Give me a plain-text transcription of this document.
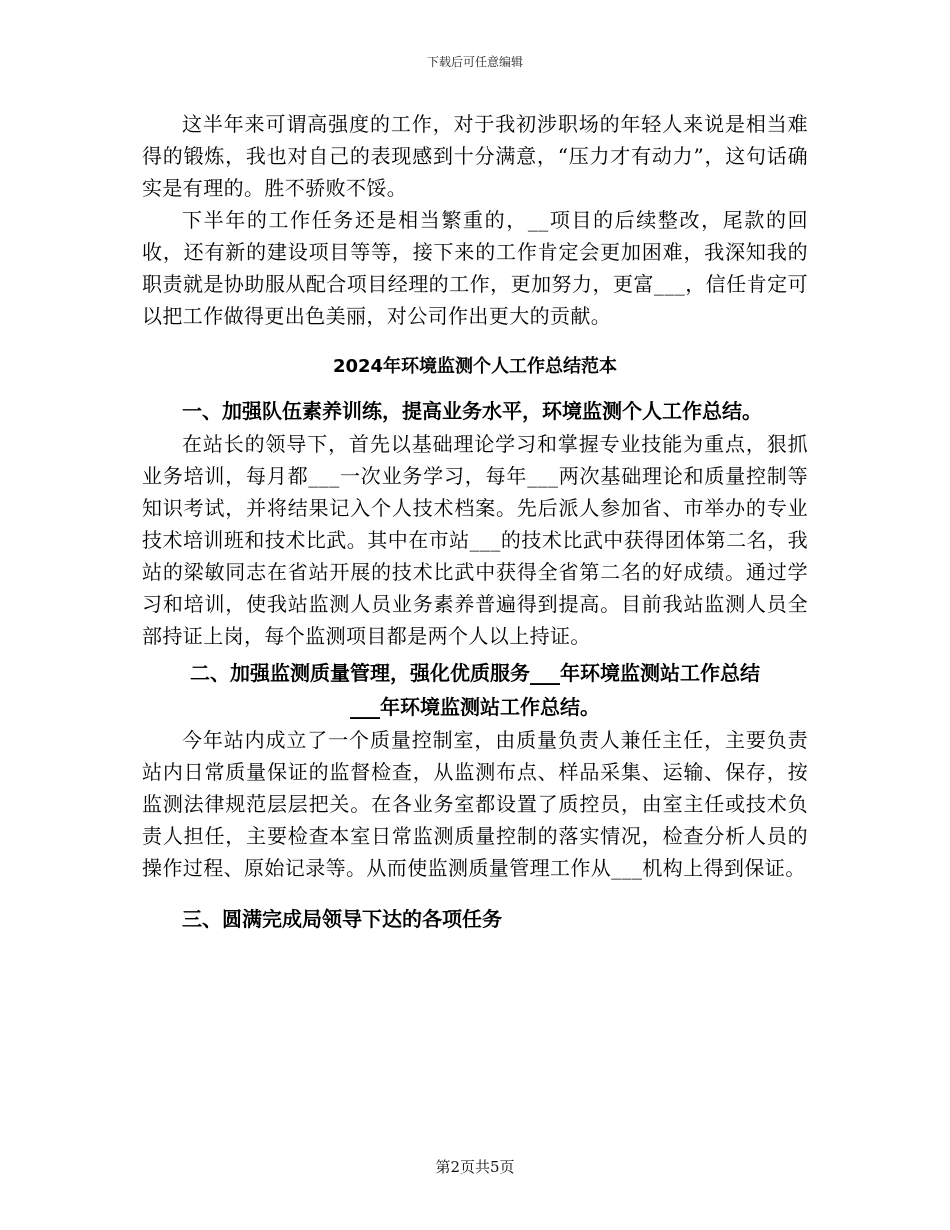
下载后可任意编辑

这半年来可谓高强度的工作，对于我初涉职场的年轻人来说是相当难得的锻炼，我也对自己的表现感到十分满意，“压力才有动力”，这句话确实是有理的。胜不骄败不馁。

下半年的工作任务还是相当繁重的，__项目的后续整改，尾款的回收，还有新的建设项目等等，接下来的工作肯定会更加困难，我深知我的职责就是协助服从配合项目经理的工作，更加努力，更富___，信任肯定可以把工作做得更出色美丽，对公司作出更大的贡献。

2024年环境监测个人工作总结范本
一、加强队伍素养训练，提高业务水平，环境监测个人工作总结。

在站长的领导下，首先以基础理论学习和掌握专业技能为重点，狠抓业务培训，每月都___一次业务学习，每年___两次基础理论和质量控制等知识考试，并将结果记入个人技术档案。先后派人参加省、市举办的专业技术培训班和技术比武。其中在市站___的技术比武中获得团体第二名，我站的梁敏同志在省站开展的技术比武中获得全省第二名的好成绩。通过学习和培训，使我站监测人员业务素养普遍得到提高。目前我站监测人员全部持证上岗，每个监测项目都是两个人以上持证。

二、加强监测质量管理，强化优质服务___年环境监测站工作总结
___年环境监测站工作总结。

今年站内成立了一个质量控制室，由质量负责人兼任主任，主要负责站内日常质量保证的监督检查，从监测布点、样品采集、运输、保存，按监测法律规范层层把关。在各业务室都设置了质控员，由室主任或技术负责人担任，主要检查本室日常监测质量控制的落实情况，检查分析人员的操作过程、原始记录等。从而使监测质量管理工作从___机构上得到保证。

三、圆满完成局领导下达的各项任务
第2页共5页
